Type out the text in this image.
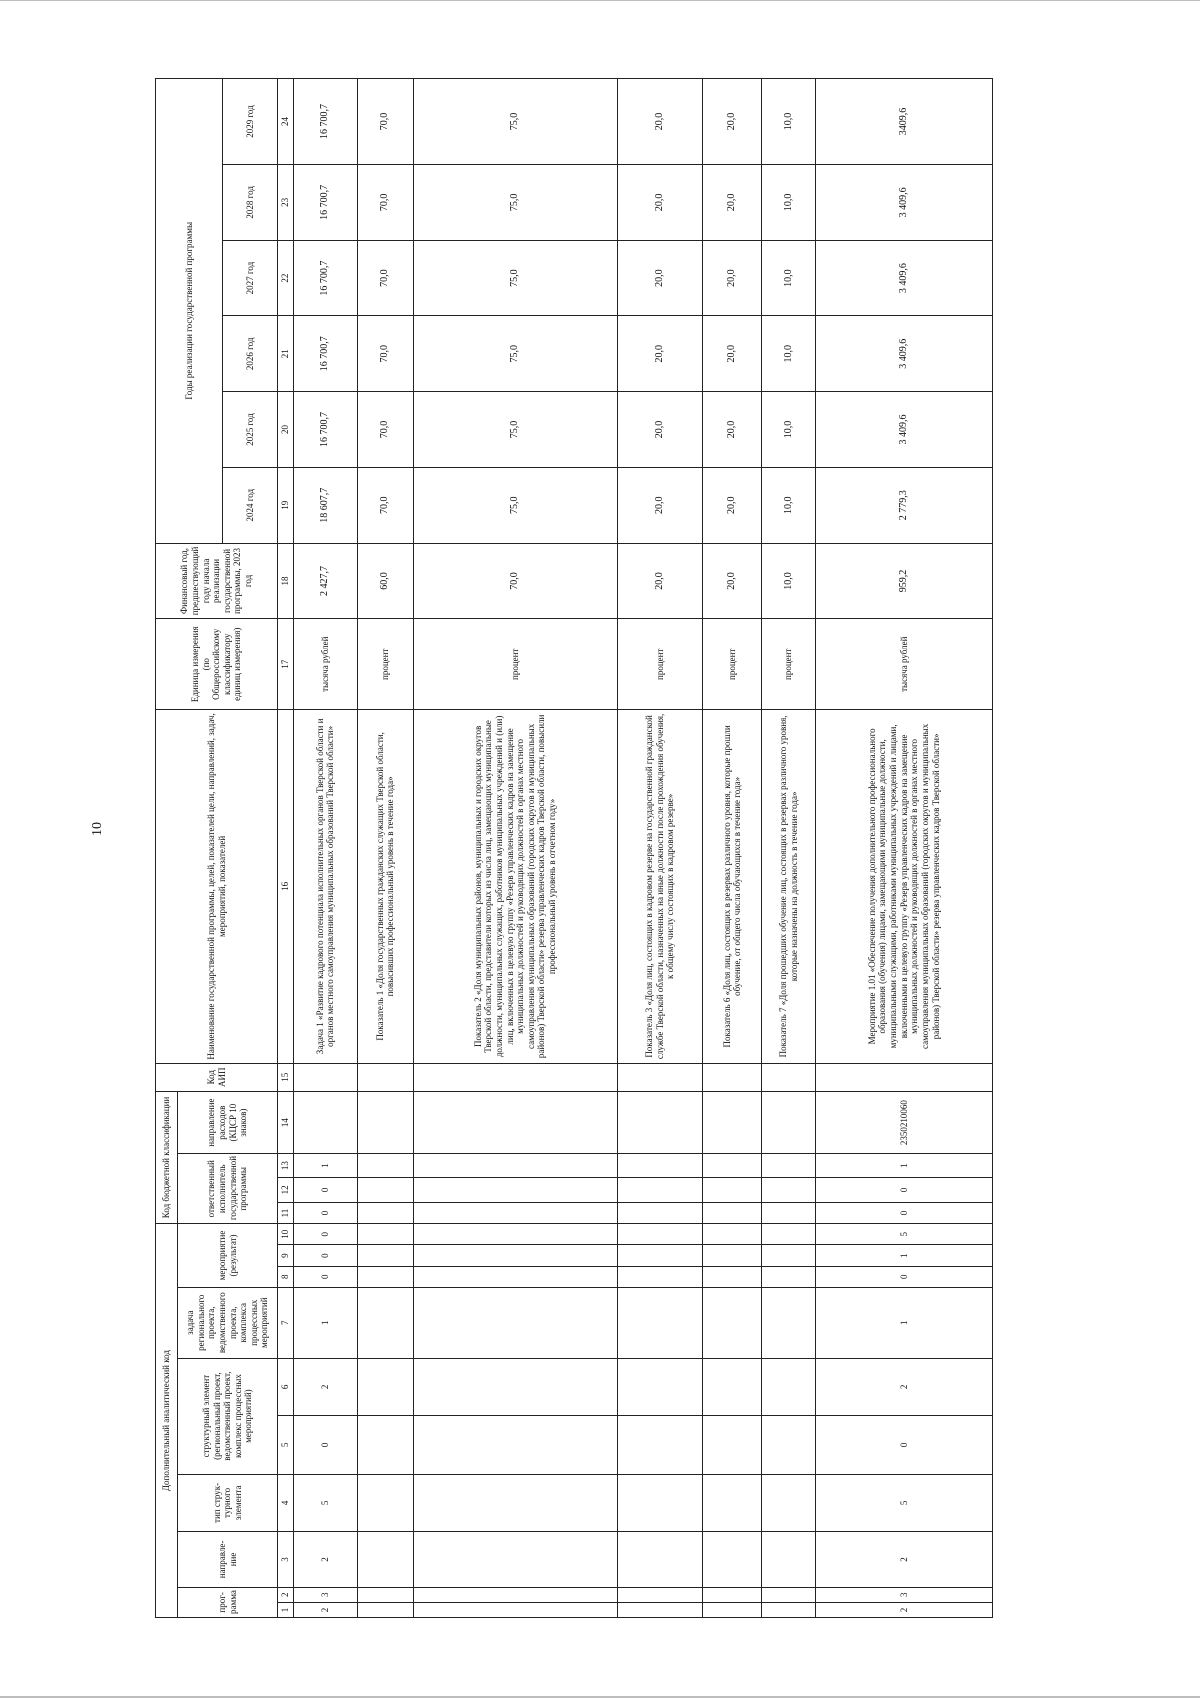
10
Дополнительный аналитический код										Код бюджетной классификации				Код АИП	Наименование государственной программы, целей, показателей цели, направлений, задач, мероприятий, показателей	Единица измерения (по Общероссийскому классификатору единиц измерения)	Финансовый год, предшествующий году начала реализации государственной программы, 2023 год	Годы реализации государственной программы					
прог-рамма		направле-ние	тип струк-турного элемента	структурный элемент (региональный проект, ведомственный проект, комплекс процессных мероприятий)		задача регионального проекта, ведомственного проекта, комплекса процессных мероприятий	мероприятие (результат)			ответственный исполнитель государственной программы			направление расходов (КЦСР 10 знаков)										
																		2024 год	2025 год	2026 год	2027 год	2028 год	2029 год
1	2	3	4	5	6	7	8	9	10	11	12	13	14	15	16	17	18	19	20	21	22	23	24
2	3	2	5	0	2	1	0	0	0	0	0	1			Задача 1 «Развитие кадрового потенциала исполнительных органов Тверской области и органов местного самоуправления муниципальных образований Тверской области»	тысяча рублей	2 427,7	18 607,7	16 700,7	16 700,7	16 700,7	16 700,7	16 700,7
															Показатель 1 «Доля государственных гражданских служащих Тверской области, повысивших профессиональный уровень в течение года»	процент	60,0	70,0	70,0	70,0	70,0	70,0	70,0
															Показатель 2 «Доля муниципальных районов, муниципальных и городских округов Тверской области, представители которых из числа лиц, замещающих муниципальные должности, муниципальных служащих, работников муниципальных учреждений и (или) лиц, включенных в целевую группу «Резерв управленческих кадров на замещение муниципальных должностей и руководящих должностей в органах местного самоуправления муниципальных образований (городских округов и муниципальных районов) Тверской области» резерва управленческих кадров Тверской области, повысили профессиональный уровень в отчетном году»	процент	70,0	75,0	75,0	75,0	75,0	75,0	75,0
															Показатель 3 «Доля лиц, состоящих в кадровом резерве на государственной гражданской службе Тверской области, назначенных на иные должности после прохождения обучения, к общему числу состоящих в кадровом резерве»	процент	20,0	20,0	20,0	20,0	20,0	20,0	20,0
															Показатель 6 «Доля лиц, состоящих в резервах различного уровня, которые прошли обучение, от общего числа обучающихся в течение года»	процент	20,0	20,0	20,0	20,0	20,0	20,0	20,0
															Показатель 7 «Доля прошедших обучение лиц, состоящих в резервах различного уровня, которые назначены на должность в течение года»	процент	10,0	10,0	10,0	10,0	10,0	10,0	10,0
2	3	2	5	0	2	1	0	1	5	0	0	1	2350210060		Мероприятие 1.01 «Обеспечение получения дополнительного профессионального образования (обучения) лицами, замещающими муниципальные должности, муниципальными служащими, работниками муниципальных учреждений и лицами, включенными в целевую группу «Резерв управленческих кадров на замещение муниципальных должностей и руководящих должностей в органах местного самоуправления муниципальных образований (городских округов и муниципальных районов) Тверской области» резерва управленческих кадров Тверской области»	тысяча рублей	959,2	2 779,3	3 409,6	3 409,6	3 409,6	3 409,6	3409,6
